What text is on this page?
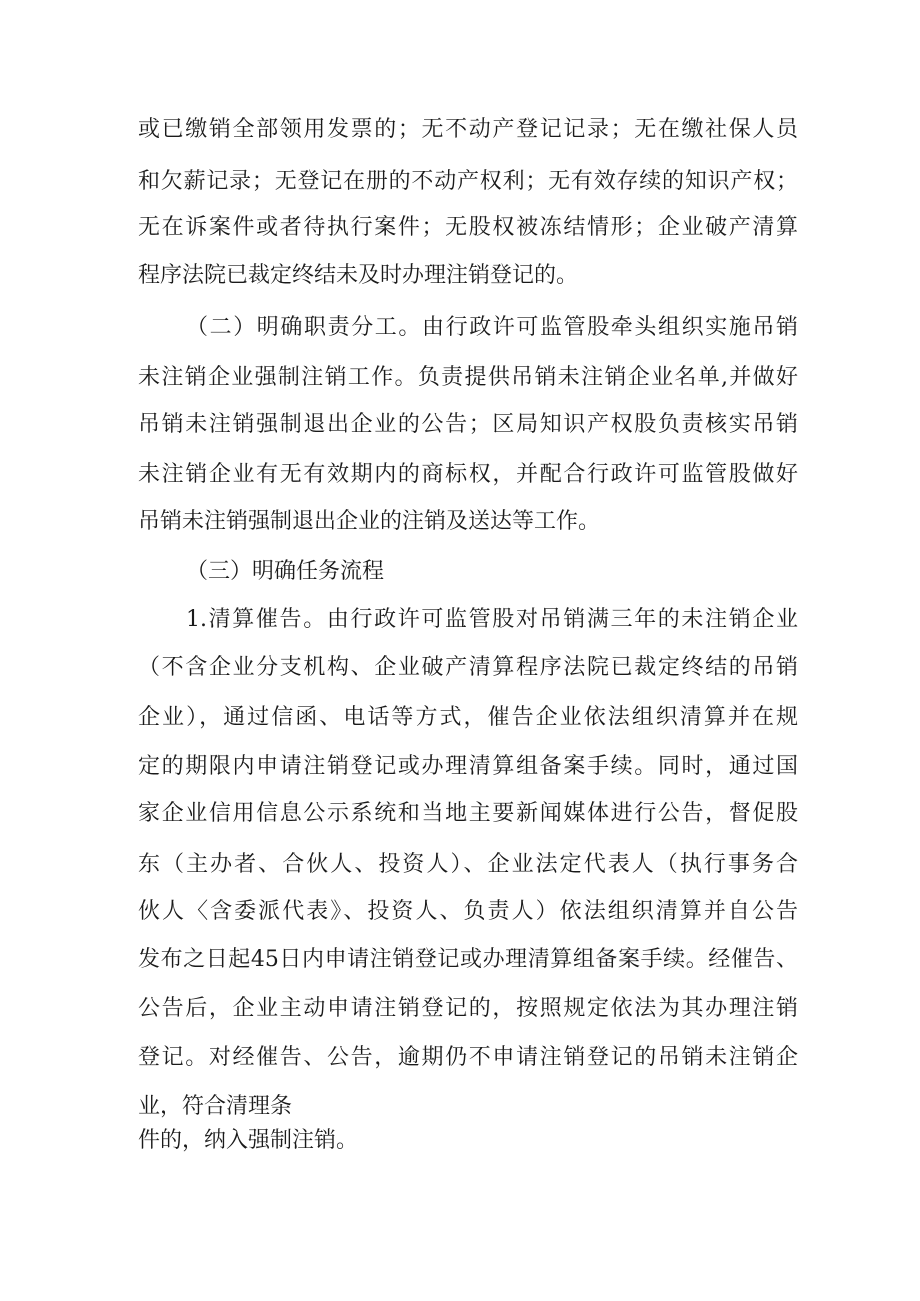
或已缴销全部领用发票的；无不动产登记记录；无在缴社保人员
和欠薪记录；无登记在册的不动产权利；无有效存续的知识产权；
无在诉案件或者待执行案件；无股权被冻结情形；企业破产清算
程序法院已裁定终结未及时办理注销登记的。
（二）明确职责分工。由行政许可监管股牵头组织实施吊销
未注销企业强制注销工作。负责提供吊销未注销企业名单,并做好
吊销未注销强制退出企业的公告；区局知识产权股负责核实吊销
未注销企业有无有效期内的商标权，并配合行政许可监管股做好
吊销未注销强制退出企业的注销及送达等工作。
（三）明确任务流程
1.清算催告。由行政许可监管股对吊销满三年的未注销企业
（不含企业分支机构、企业破产清算程序法院已裁定终结的吊销
企业），通过信函、电话等方式，催告企业依法组织清算并在规
定的期限内申请注销登记或办理清算组备案手续。同时，通过国
家企业信用信息公示系统和当地主要新闻媒体进行公告，督促股
东（主办者、合伙人、投资人）、企业法定代表人（执行事务合
伙人〈含委派代表》、投资人、负责人）依法组织清算并自公告
发布之日起45日内申请注销登记或办理清算组备案手续。经催告、
公告后，企业主动申请注销登记的，按照规定依法为其办理注销
登记。对经催告、公告，逾期仍不申请注销登记的吊销未注销企
业，符合清理条
件的，纳入强制注销。
